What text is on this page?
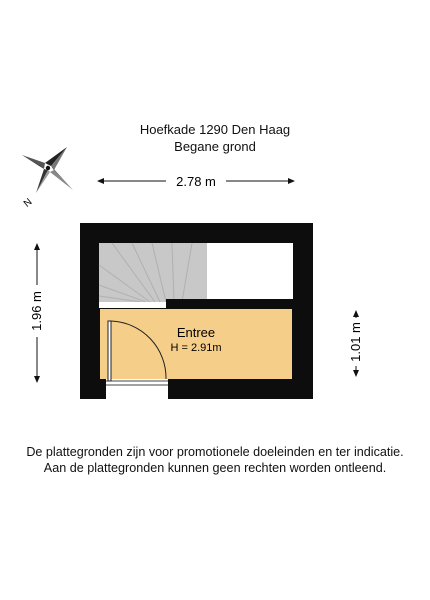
Hoefkade 1290 Den Haag
Begane grond
N
2.78 m
1.96 m
1.01 m
Entree
H = 2.91m
De plattegronden zijn voor promotionele doeleinden en ter indicatie.
Aan de plattegronden kunnen geen rechten worden ontleend.
